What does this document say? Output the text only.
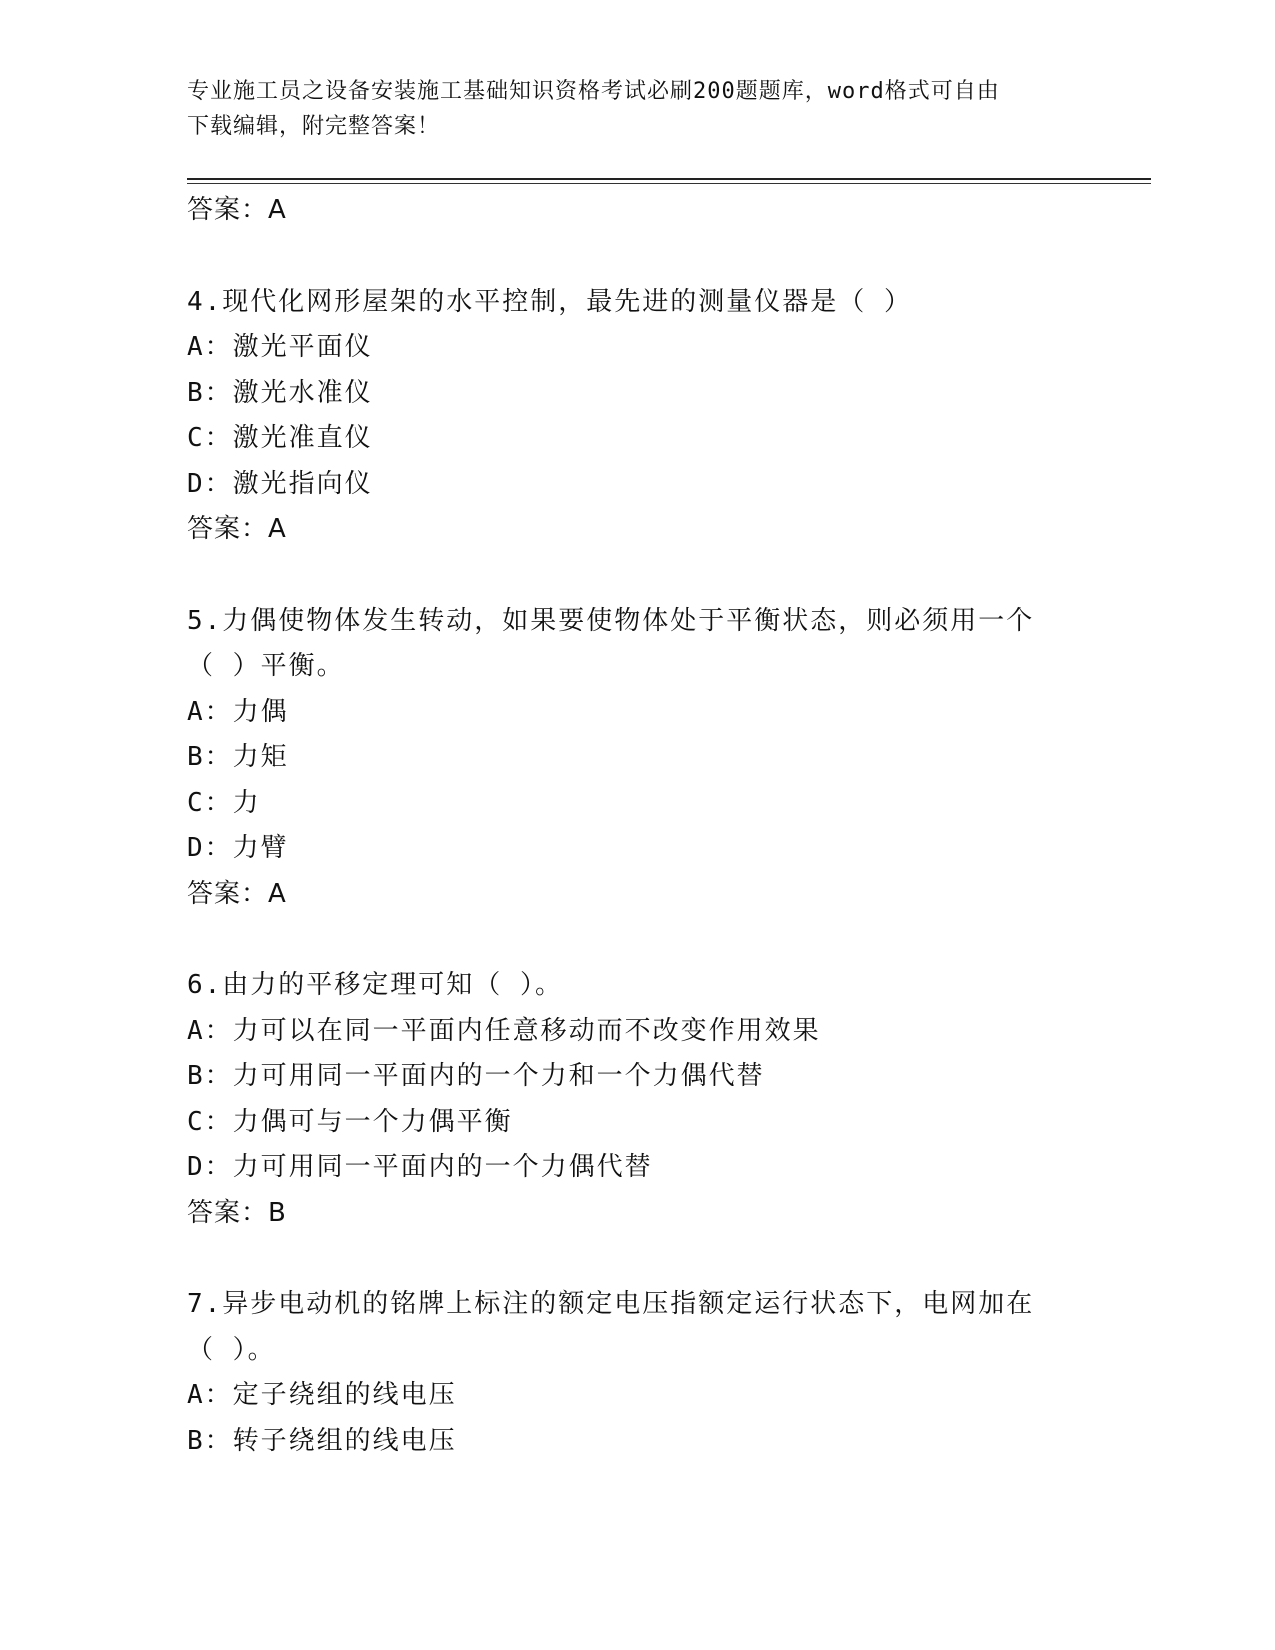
专业施工员之设备安装施工基础知识资格考试必刷200题题库，word格式可自由
下载编辑，附完整答案！
答案：A
4.现代化网形屋架的水平控制，最先进的测量仪器是（ ）
A：激光平面仪
B：激光水准仪
C：激光准直仪
D：激光指向仪
答案：A
5.力偶使物体发生转动，如果要使物体处于平衡状态，则必须用一个
（ ）平衡。
A：力偶
B：力矩
C：力
D：力臂
答案：A
6.由力的平移定理可知（ ）。
A：力可以在同一平面内任意移动而不改变作用效果
B：力可用同一平面内的一个力和一个力偶代替
C：力偶可与一个力偶平衡
D：力可用同一平面内的一个力偶代替
答案：B
7.异步电动机的铭牌上标注的额定电压指额定运行状态下，电网加在
（ ）。
A：定子绕组的线电压
B：转子绕组的线电压
